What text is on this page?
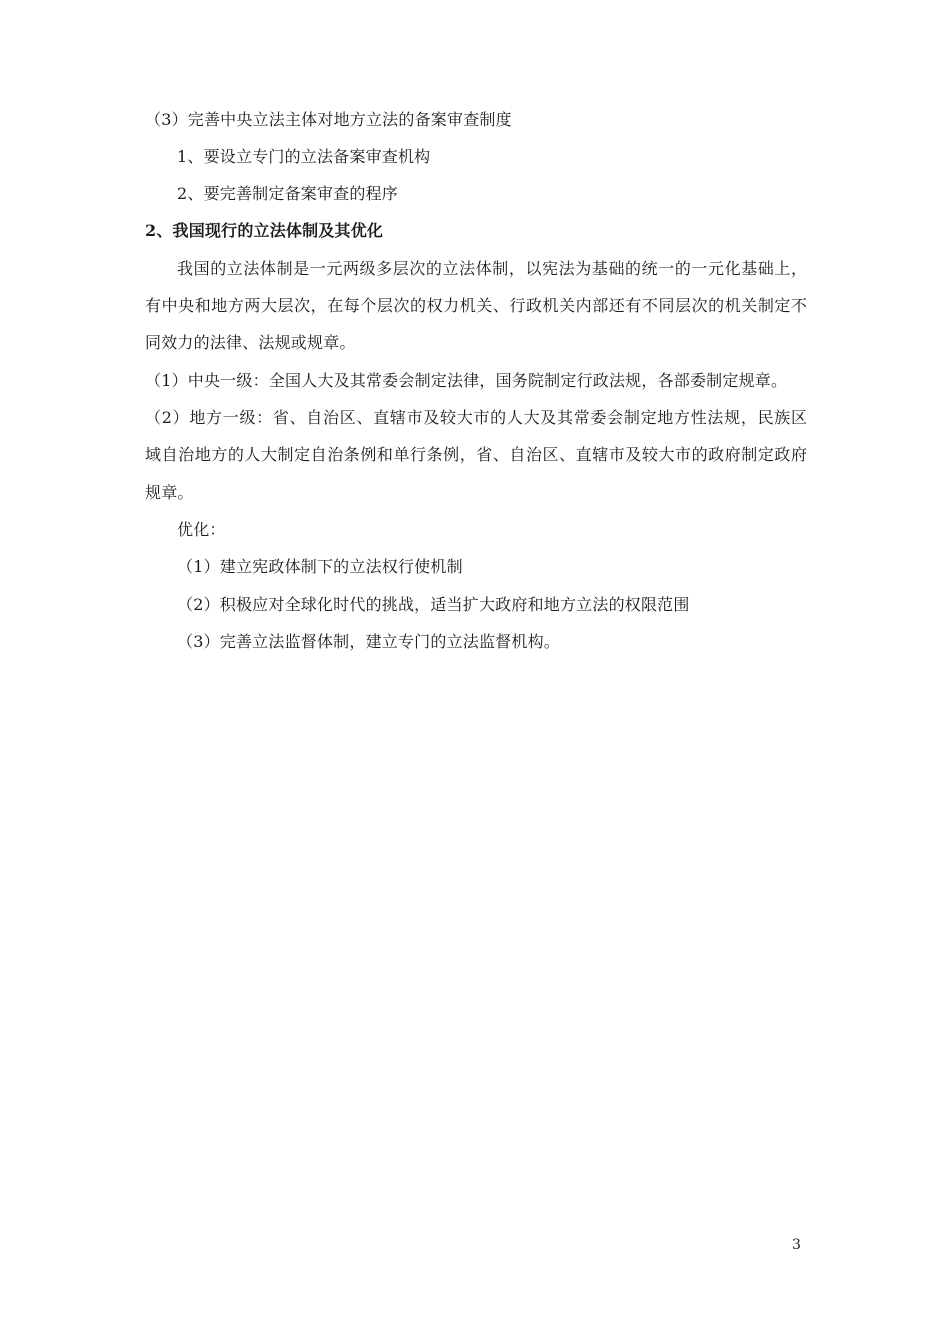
（3）完善中央立法主体对地方立法的备案审查制度
1、要设立专门的立法备案审查机构
2、要完善制定备案审查的程序
2、我国现行的立法体制及其优化
我国的立法体制是一元两级多层次的立法体制，以宪法为基础的统一的一元化基础上，
有中央和地方两大层次，在每个层次的权力机关、行政机关内部还有不同层次的机关制定不
同效力的法律、法规或规章。
（1）中央一级：全国人大及其常委会制定法律，国务院制定行政法规，各部委制定规章。
（2）地方一级：省、自治区、直辖市及较大市的人大及其常委会制定地方性法规，民族区
域自治地方的人大制定自治条例和单行条例，省、自治区、直辖市及较大市的政府制定政府
规章。
优化：
（1）建立宪政体制下的立法权行使机制
（2）积极应对全球化时代的挑战，适当扩大政府和地方立法的权限范围
（3）完善立法监督体制，建立专门的立法监督机构。
3
